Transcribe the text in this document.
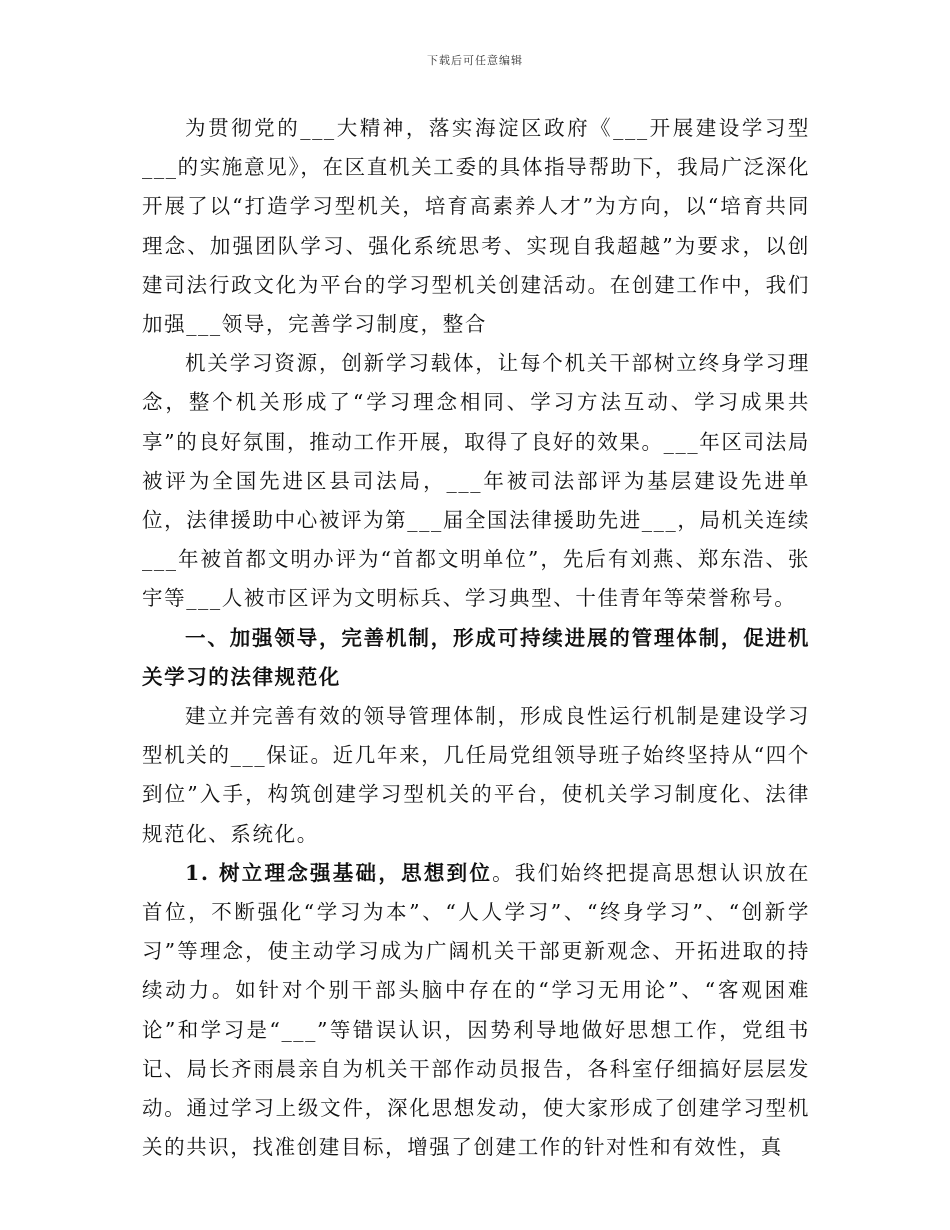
下载后可任意编辑

为贯彻党的___大精神，落实海淀区政府《___开展建设学习型___的实施意见》，在区直机关工委的具体指导帮助下，我局广泛深化开展了以“打造学习型机关，培育高素养人才”为方向，以“培育共同理念、加强团队学习、强化系统思考、实现自我超越”为要求，以创建司法行政文化为平台的学习型机关创建活动。在创建工作中，我们加强___领导，完善学习制度，整合

机关学习资源，创新学习载体，让每个机关干部树立终身学习理念，整个机关形成了“学习理念相同、学习方法互动、学习成果共享”的良好氛围，推动工作开展，取得了良好的效果。___年区司法局被评为全国先进区县司法局，___年被司法部评为基层建设先进单位，法律援助中心被评为第___届全国法律援助先进___，局机关连续___年被首都文明办评为“首都文明单位”，先后有刘燕、郑东浩、张宇等___人被市区评为文明标兵、学习典型、十佳青年等荣誉称号。

一、加强领导，完善机制，形成可持续进展的管理体制，促进机关学习的法律规范化

建立并完善有效的领导管理体制，形成良性运行机制是建设学习型机关的___保证。近几年来，几任局党组领导班子始终坚持从“四个到位”入手，构筑创建学习型机关的平台，使机关学习制度化、法律规范化、系统化。

1. 树立理念强基础，思想到位。我们始终把提高思想认识放在首位，不断强化“学习为本”、“人人学习”、“终身学习”、“创新学习”等理念，使主动学习成为广阔机关干部更新观念、开拓进取的持续动力。如针对个别干部头脑中存在的“学习无用论”、“客观困难论”和学习是“___”等错误认识，因势利导地做好思想工作，党组书记、局长齐雨晨亲自为机关干部作动员报告，各科室仔细搞好层层发动。通过学习上级文件，深化思想发动，使大家形成了创建学习型机关的共识，找准创建目标，增强了创建工作的针对性和有效性，真
